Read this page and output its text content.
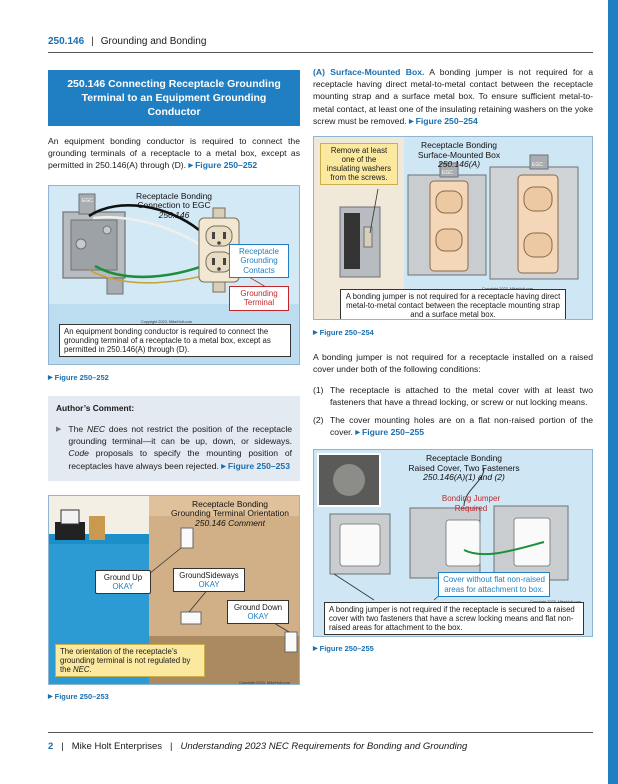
250.146 | Grounding and Bonding
250.146 Connecting Receptacle Grounding Terminal to an Equipment Grounding Conductor

An equipment bonding conductor is required to connect the grounding terminals of a receptacle to a metal box, except as permitted in 250.146(A) through (D). ▶ Figure 250–252

Receptacle Bonding
Connection to EGC
250.146
EGC
Receptacle Grounding Contacts
Grounding Terminal
Copyright 2023, MikeHolt.com
An equipment bonding conductor is required to connect the grounding terminal of a receptacle to a metal box, except as permitted in 250.146(A) through (D).
▶ Figure 250–252
Author’s Comment:
▶ The NEC does not restrict the position of the receptacle grounding terminal—it can be up, down, or sideways. Code proposals to specify the mounting position of receptacles have always been rejected. ▶ Figure 250–253

Receptacle Bonding
Grounding Terminal Orientation
250.146 Comment
Ground Up
OKAY
GroundSideways
OKAY
Ground Down
OKAY
The orientation of the receptacle’s grounding terminal is not regulated by the NEC.
Copyright 2023, MikeHolt.com
▶ Figure 250–253

(A) Surface-Mounted Box. A bonding jumper is not required for a receptacle having direct metal-to-metal contact between the receptacle mounting strap and a surface metal box. To ensure sufficient metal-to-metal contact, at least one of the insulating retaining washers on the yoke screw must be removed. ▶ Figure 250–254

Remove at least one of the insulating washers from the screws.
Receptacle Bonding
Surface-Mounted Box
250.146(A)
EGC
EGC
A bonding jumper is not required for a receptacle having direct metal-to-metal contact between the receptacle mounting strap and a surface metal box.
▶ Figure 250–254

A bonding jumper is not required for a receptacle installed on a raised cover under both of the following conditions:

(1) The receptacle is attached to the metal cover with at least two fasteners that have a thread locking, or screw or nut locking means.

(2) The cover mounting holes are on a flat non-raised portion of the cover. ▶ Figure 250–255

Receptacle Bonding
Raised Cover, Two Fasteners
250.146(A)(1) and (2)
Bonding Jumper Required
Cover without flat non-raised areas for attachment to box.
A bonding jumper is not required if the receptacle is secured to a raised cover with two fasteners that have a screw locking means and flat non-raised areas for attachment to the box.
▶ Figure 250–255
2 | Mike Holt Enterprises | Understanding 2023 NEC Requirements for Bonding and Grounding
